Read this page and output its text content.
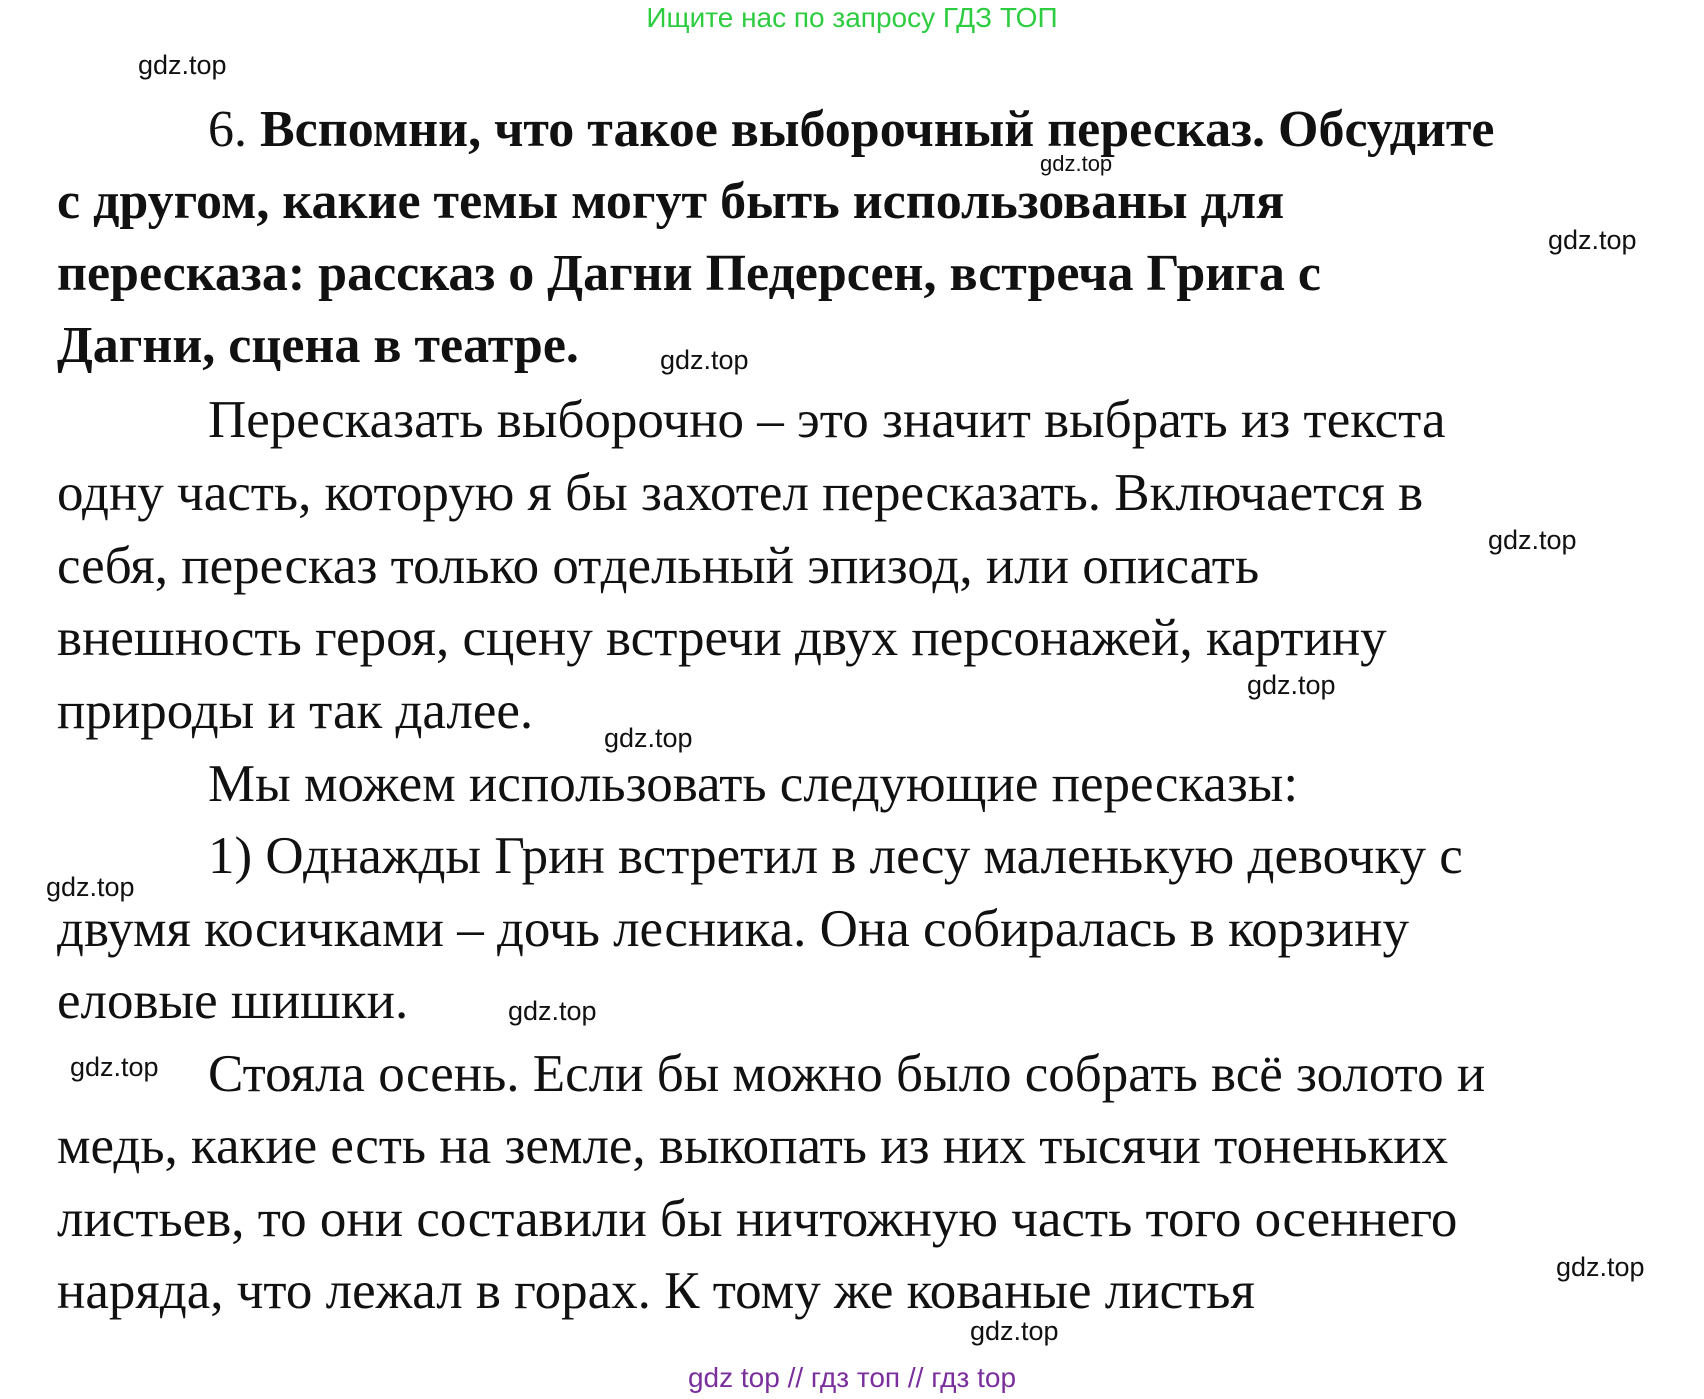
Ищите нас по запросу ГДЗ ТОП
gdz.top
6. Вспомни, что такое выборочный пересказ. Обсудите
gdz.top
с другом, какие темы могут быть использованы для
gdz.top
пересказа: рассказ о Дагни Педерсен, встреча Грига с
Дагни, сцена в театре.	gdz.top
Пересказать выборочно – это значит выбрать из текста
одну часть, которую я бы захотел пересказать. Включается в
gdz.top
себя, пересказ только отдельный эпизод, или описать
внешность героя, сцену встречи двух персонажей, картину
gdz.top
природы и так далее.	gdz.top
Мы можем использовать следующие пересказы:
1) Однажды Грин встретил в лесу маленькую девочку с
gdz.top
двумя косичками – дочь лесника. Она собиралась в корзину
еловые шишки.	gdz.top
gdz.top Стояла осень. Если бы можно было собрать всё золото и
медь, какие есть на земле, выкопать из них тысячи тоненьких
листьев, то они составили бы ничтожную часть того осеннего
gdz.top
наряда, что лежал в горах. К тому же кованые листья
gdz.top
gdz top // гдз топ // гдз top
